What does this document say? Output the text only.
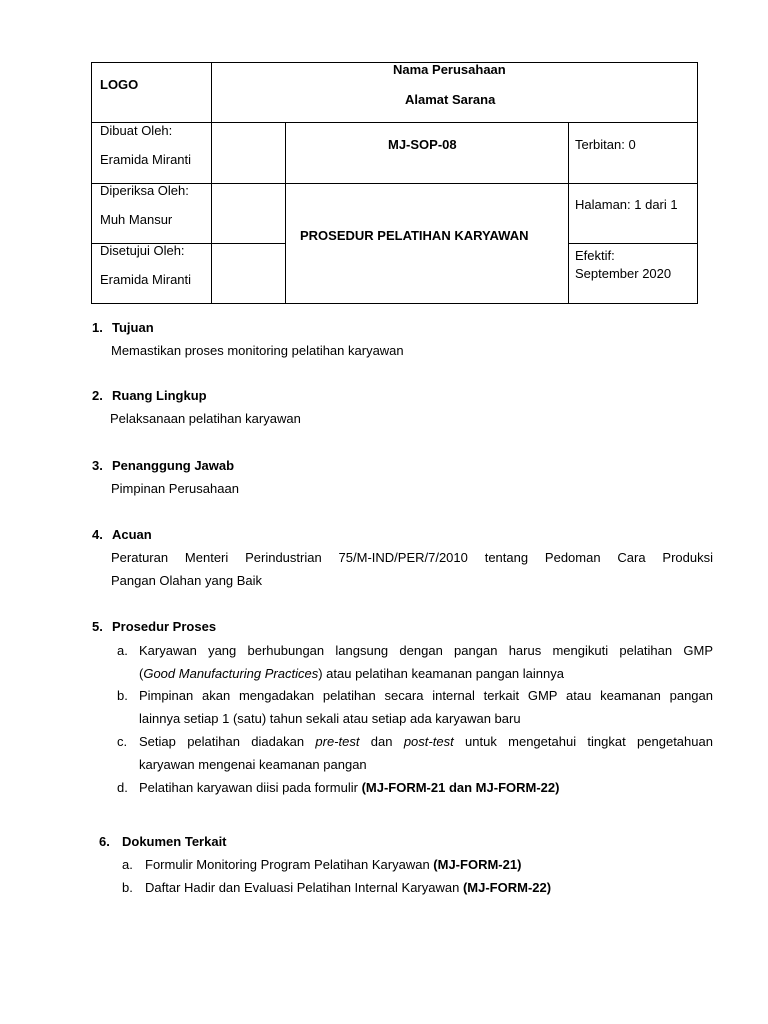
LOGO
Nama Perusahaan
Alamat Sarana
Dibuat Oleh:
Eramida Miranti
MJ-SOP-08	Terbitan: 0
Diperiksa Oleh:
Muh Mansur
PROSEDUR PELATIHAN KARYAWAN
Halaman: 1 dari 1
Disetujui Oleh:
Eramida Miranti
Efektif:
September 2020
1. Tujuan
Memastikan proses monitoring pelatihan karyawan
2. Ruang Lingkup
Pelaksanaan pelatihan karyawan
3. Penanggung Jawab
Pimpinan Perusahaan
4. Acuan
Peraturan Menteri Perindustrian 75/M-IND/PER/7/2010 tentang Pedoman Cara Produksi
Pangan Olahan yang Baik
5. Prosedur Proses
a. Karyawan yang berhubungan langsung dengan pangan harus mengikuti pelatihan GMP
(Good Manufacturing Practices) atau pelatihan keamanan pangan lainnya
b. Pimpinan akan mengadakan pelatihan secara internal terkait GMP atau keamanan pangan
lainnya setiap 1 (satu) tahun sekali atau setiap ada karyawan baru
c. Setiap pelatihan diadakan pre-test dan post-test untuk mengetahui tingkat pengetahuan
karyawan mengenai keamanan pangan
d. Pelatihan karyawan diisi pada formulir (MJ-FORM-21 dan MJ-FORM-22)
6. Dokumen Terkait
a. Formulir Monitoring Program Pelatihan Karyawan (MJ-FORM-21)
b. Daftar Hadir dan Evaluasi Pelatihan Internal Karyawan (MJ-FORM-22)
